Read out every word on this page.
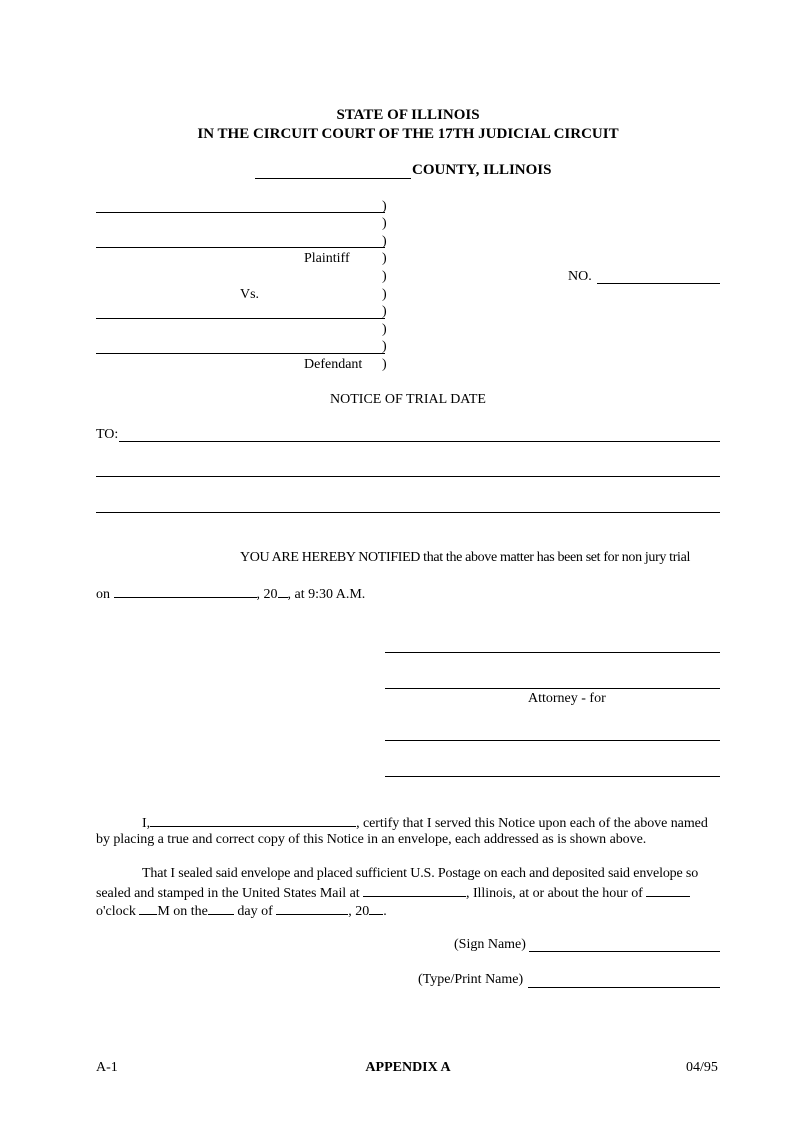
STATE OF ILLINOIS
IN THE CIRCUIT COURT OF THE 17TH JUDICIAL CIRCUIT
COUNTY, ILLINOIS
Plaintiff
Vs.
Defendant
)
)
)
)
)
)
)
)
)
)
NO.
NOTICE OF TRIAL DATE
TO:
YOU ARE HEREBY NOTIFIED that the above matter has been set for non jury trial
on	, 20 , at 9:30 A.M.
Attorney - for
I,	, certify that I served this Notice upon each of the above named
by placing a true and correct copy of this Notice in an envelope, each addressed as is shown above.
That I sealed said envelope and placed sufficient U.S. Postage on each and deposited said envelope so
sealed and stamped in the United States Mail at	, Illinois, at or about the hour of
o'clock M on the day of	, 20 .
(Sign Name)
(Type/Print Name)
A-1	APPENDIX A	04/95
